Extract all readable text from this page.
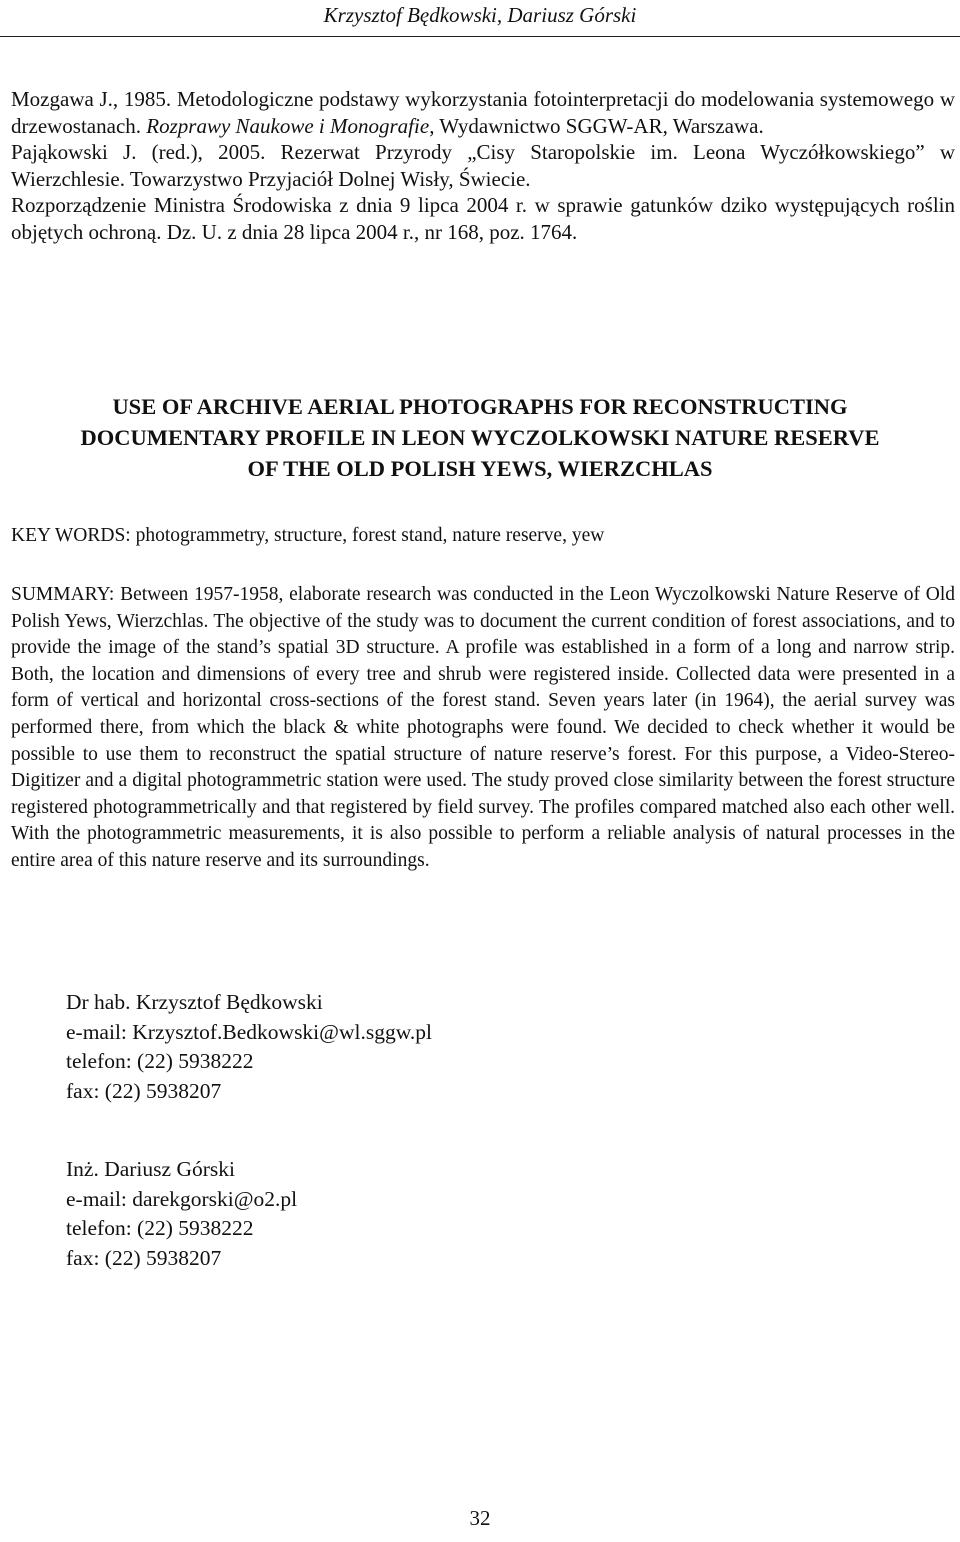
Krzysztof Będkowski, Dariusz Górski

Mozgawa J., 1985. Metodologiczne podstawy wykorzystania fotointerpretacji do modelowania systemowego w drzewostanach. Rozprawy Naukowe i Monografie, Wydawnictwo SGGW-AR, Warszawa.

Pająkowski J. (red.), 2005. Rezerwat Przyrody „Cisy Staropolskie im. Leona Wyczółkowskiego” w Wierzchlesie. Towarzystwo Przyjaciół Dolnej Wisły, Świecie.

Rozporządzenie Ministra Środowiska z dnia 9 lipca 2004 r. w sprawie gatunków dziko występujących roślin objętych ochroną. Dz. U. z dnia 28 lipca 2004 r., nr 168, poz. 1764.

USE OF ARCHIVE AERIAL PHOTOGRAPHS FOR RECONSTRUCTING
DOCUMENTARY PROFILE IN LEON WYCZOLKOWSKI NATURE RESERVE
OF THE OLD POLISH YEWS, WIERZCHLAS
KEY WORDS: photogrammetry, structure, forest stand, nature reserve, yew
SUMMARY: Between 1957-1958, elaborate research was conducted in the Leon Wyczolkowski Nature Reserve of Old Polish Yews, Wierzchlas. The objective of the study was to document the current condition of forest associations, and to provide the image of the stand’s spatial 3D structure. A profile was established in a form of a long and narrow strip. Both, the location and dimensions of every tree and shrub were registered inside. Collected data were presented in a form of vertical and horizontal cross-sections of the forest stand. Seven years later (in 1964), the aerial survey was performed there, from which the black & white photographs were found. We decided to check whether it would be possible to use them to reconstruct the spatial structure of nature reserve’s forest. For this purpose, a Video-Stereo-Digitizer and a digital photogrammetric station were used. The study proved close similarity between the forest structure registered photogrammetrically and that registered by field survey. The profiles compared matched also each other well. With the photogrammetric measurements, it is also possible to perform a reliable analysis of natural processes in the entire area of this nature reserve and its surroundings.
Dr hab. Krzysztof Będkowski
e-mail: Krzysztof.Bedkowski@wl.sggw.pl
telefon: (22) 5938222
fax: (22) 5938207
Inż. Dariusz Górski
e-mail: darekgorski@o2.pl
telefon: (22) 5938222
fax: (22) 5938207
32
